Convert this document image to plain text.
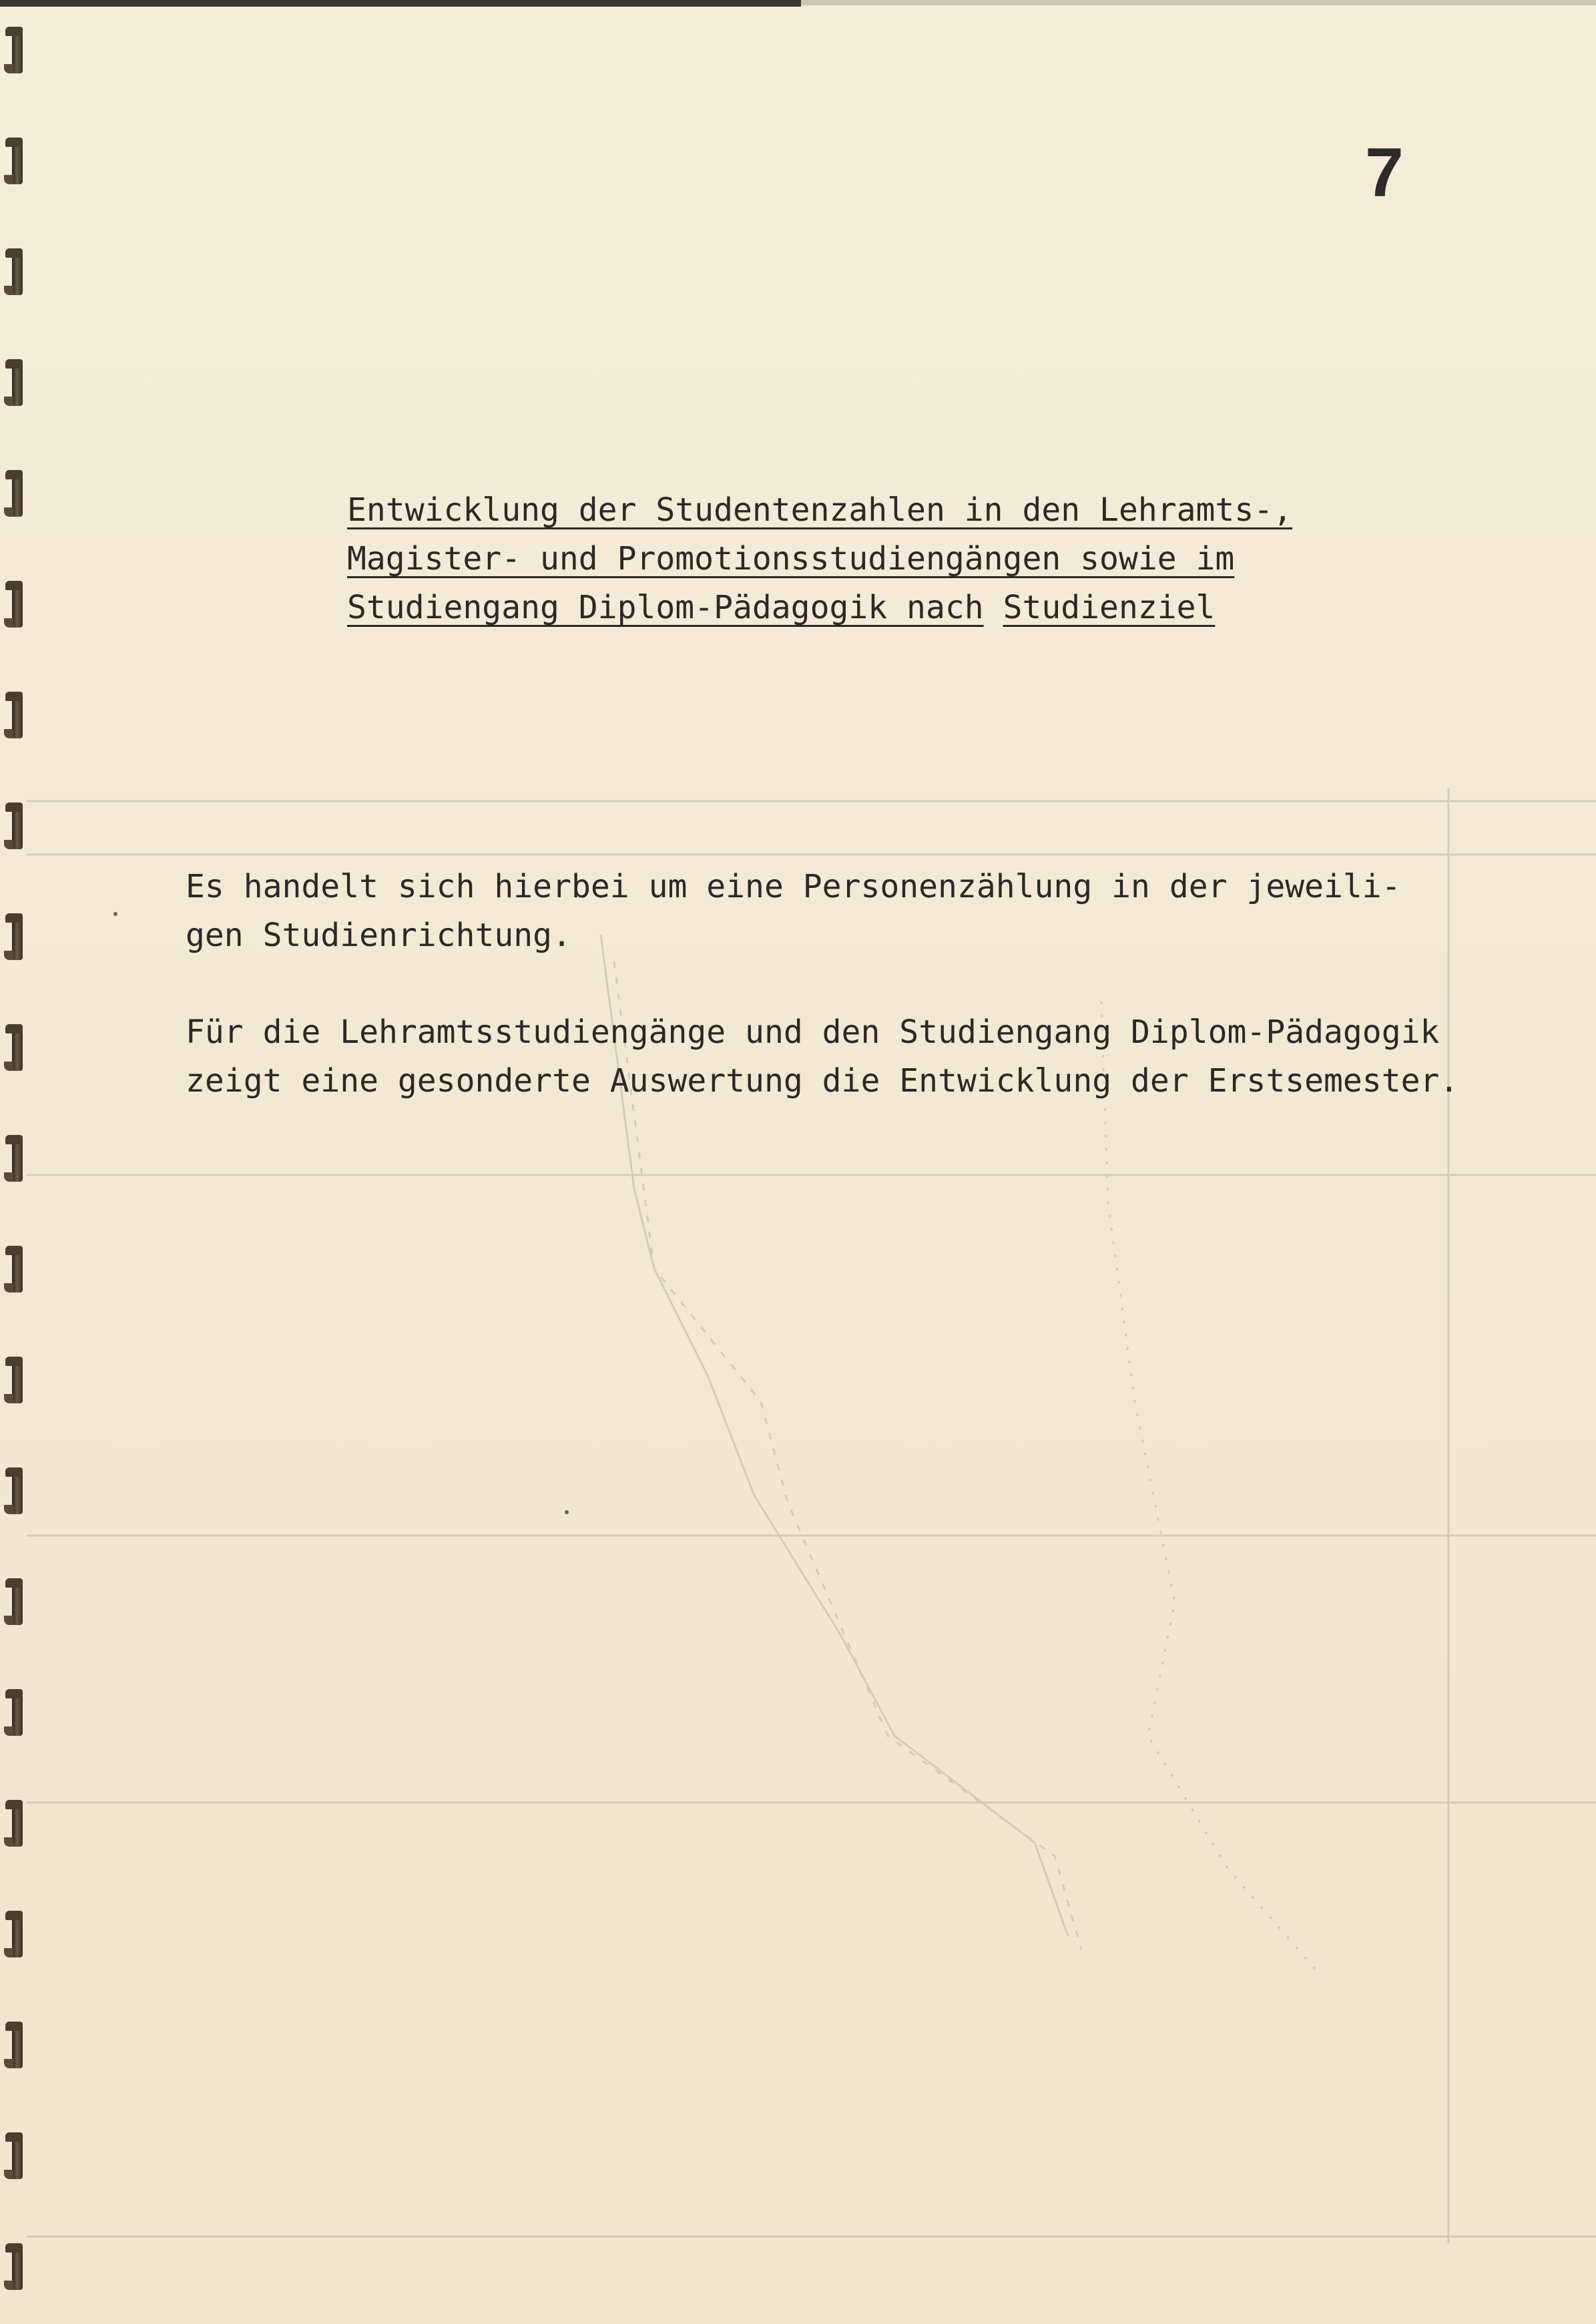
7
Entwicklung der Studentenzahlen in den Lehramts-,
Magister- und Promotionsstudiengängen sowie im
Studiengang Diplom-Pädagogik nach Studienziel
Es handelt sich hierbei um eine Personenzählung in der jeweili-
gen Studienrichtung.
Für die Lehramtsstudiengänge und den Studiengang Diplom-Pädagogik
zeigt eine gesonderte Auswertung die Entwicklung der Erstsemester.
